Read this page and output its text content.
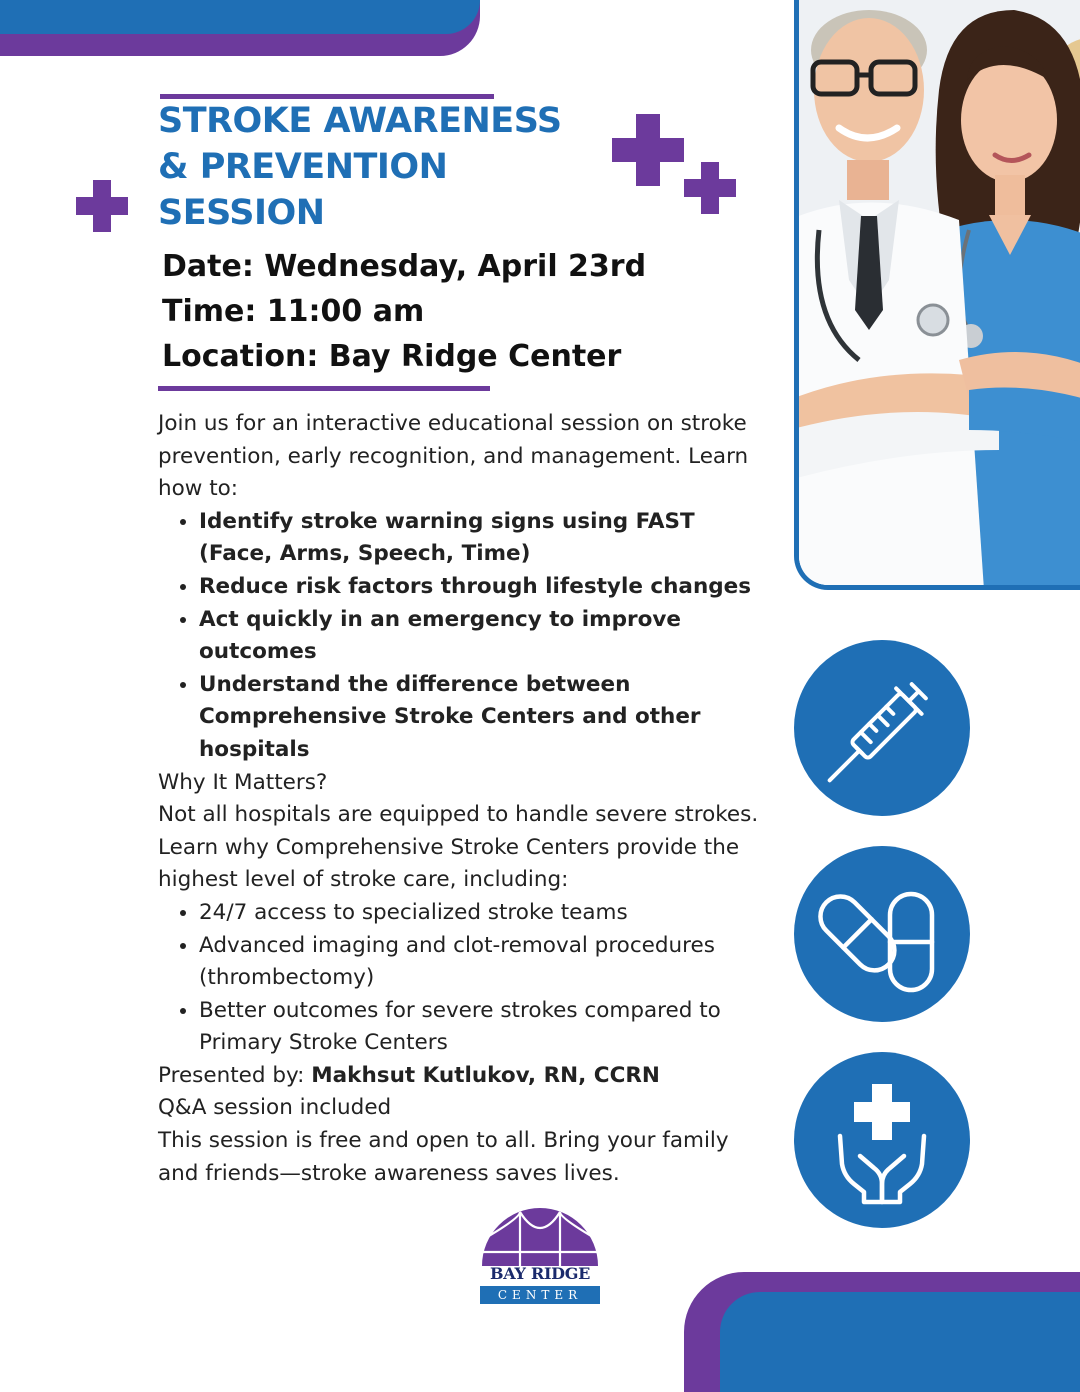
STROKE AWARENESS
& PREVENTION
SESSION
Date: Wednesday, April 23rd
Time: 11:00 am
Location: Bay Ridge Center

Join us for an interactive educational session on stroke prevention, early recognition, and management. Learn how to:

• Identify stroke warning signs using FAST (Face, Arms, Speech, Time)
• Reduce risk factors through lifestyle changes
• Act quickly in an emergency to improve outcomes
• Understand the difference between Comprehensive Stroke Centers and other hospitals

Why It Matters?

Not all hospitals are equipped to handle severe strokes. Learn why Comprehensive Stroke Centers provide the highest level of stroke care, including:

• 24/7 access to specialized stroke teams
• Advanced imaging and clot-removal procedures (thrombectomy)
• Better outcomes for severe strokes compared to Primary Stroke Centers

Presented by: Makhsut Kutlukov, RN, CCRN

Q&A session included

This session is free and open to all. Bring your family and friends—stroke awareness saves lives.

BAY RIDGE
CENTER
